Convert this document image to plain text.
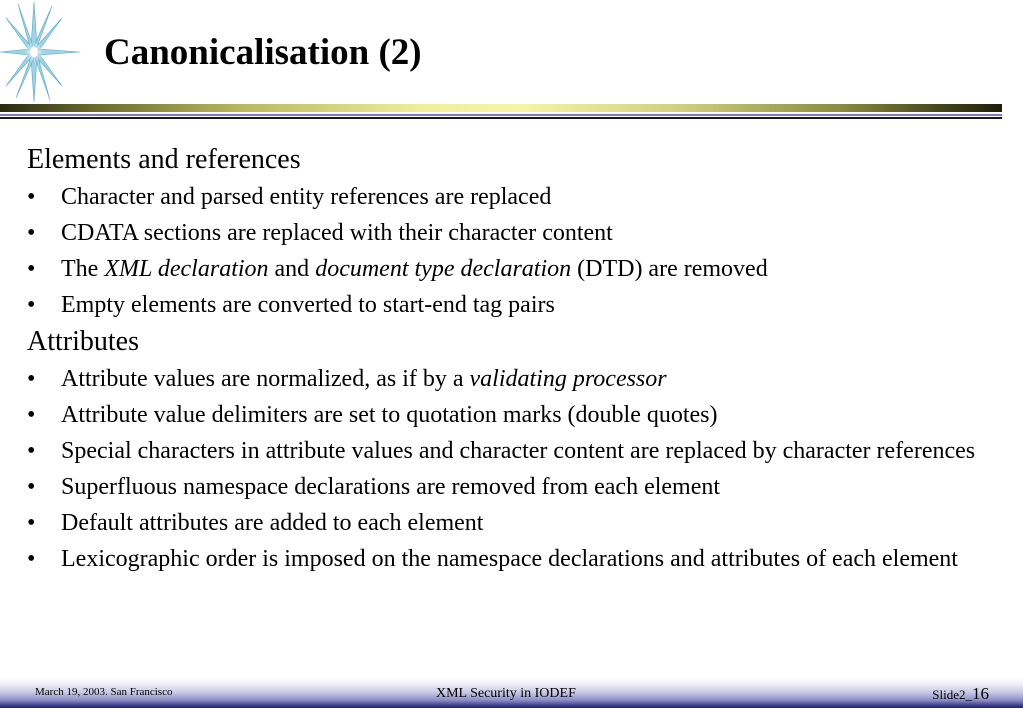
Canonicalisation (2)
Elements and references
• Character and parsed entity references are replaced
• CDATA sections are replaced with their character content
• The XML declaration and document type declaration (DTD) are removed
• Empty elements are converted to start-end tag pairs
Attributes
• Attribute values are normalized, as if by a validating processor
• Attribute value delimiters are set to quotation marks (double quotes)
• Special characters in attribute values and character content are replaced by character references
• Superfluous namespace declarations are removed from each element
• Default attributes are added to each element
• Lexicographic order is imposed on the namespace declarations and attributes of each element
March 19, 2003. San Francisco	XML Security in IODEF	Slide2_16
